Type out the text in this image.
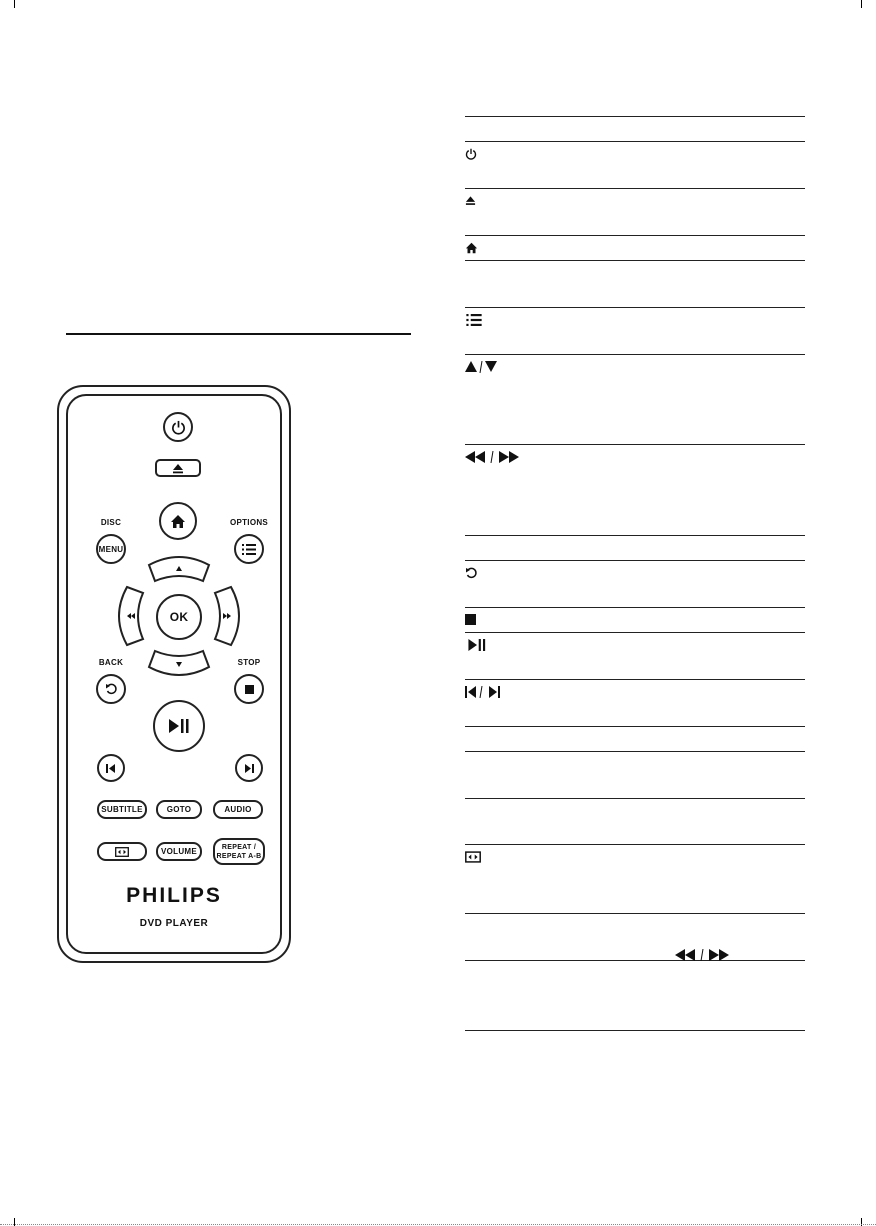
DISC
MENU
OPTIONS
OK
BACK	STOP
SUBTITLE	GOTO	AUDIO
VOLUME	REPEAT /
REPEAT A-B
PHILIPS
DVD PLAYER
